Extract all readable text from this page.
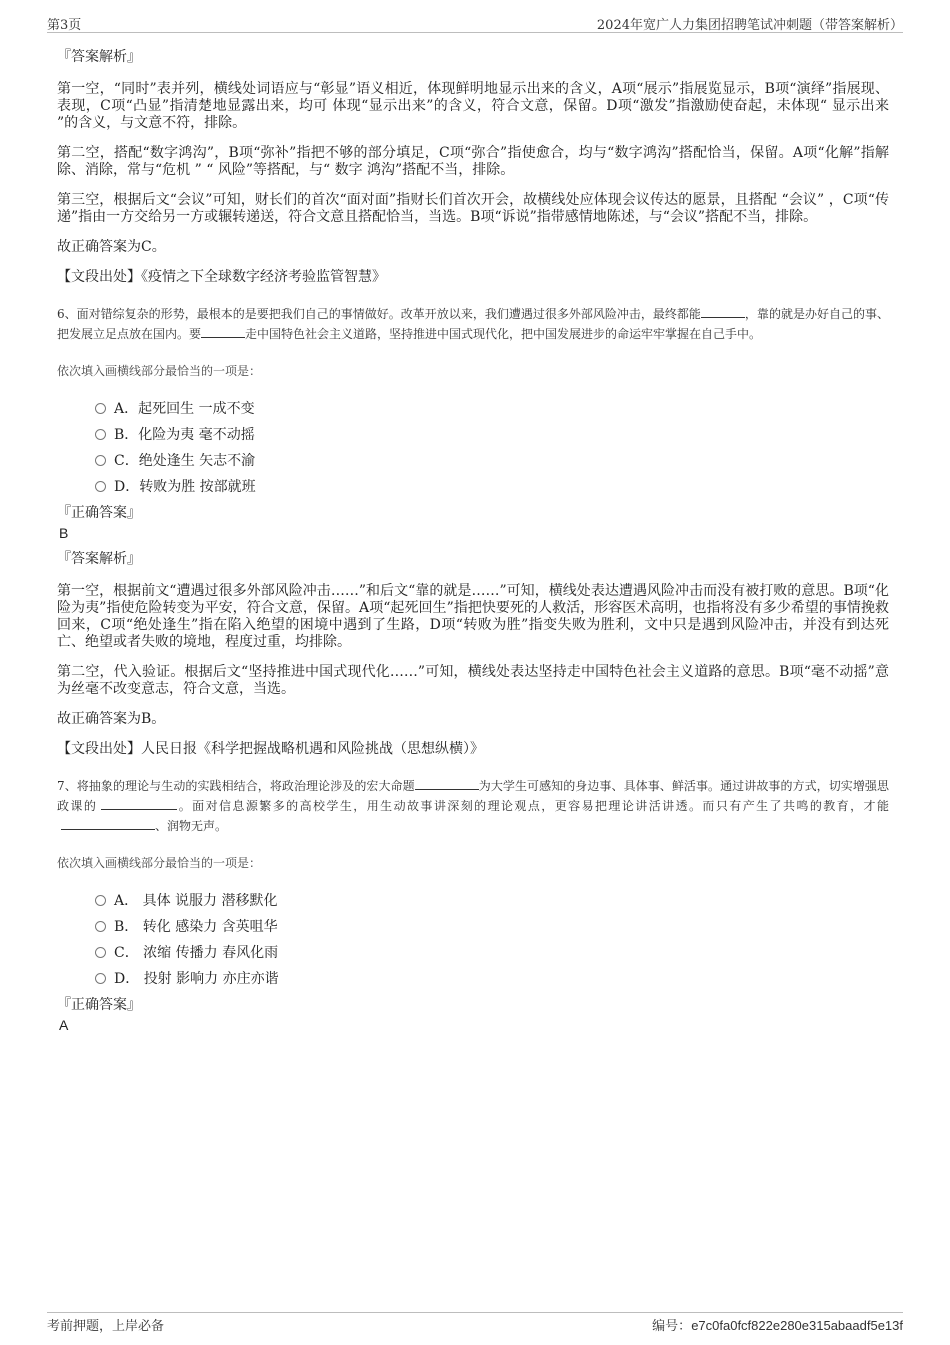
第3页	2024年宽广人力集团招聘笔试冲刺题（带答案解析）

『答案解析』

第一空，“同时”表并列，横线处词语应与“彰显”语义相近，体现鲜明地显示出来的含义，A项“展示”指展览显示，B项“演绎”指展现、表现，C项“凸显”指清楚地显露出来，均可 体现“显示出来”的含义，符合文意，保留。D项“激发”指激励使奋起，未体现“ 显示出来 ”的含义，与文意不符，排除。

第二空，搭配“数字鸿沟”，B项“弥补”指把不够的部分填足，C项“弥合”指使愈合，均与“数字鸿沟”搭配恰当，保留。A项“化解”指解除、消除，常与“危机 ” “ 风险”等搭配，与“ 数字 鸿沟”搭配不当，排除。

第三空，根据后文“会议”可知，财长们的首次“面对面”指财长们首次开会，故横线处应体现会议传达的愿景，且搭配 “会议” ，C项“传递”指由一方交给另一方或辗转递送，符合文意且搭配恰当，当选。B项“诉说”指带感情地陈述，与“会议”搭配不当，排除。

故正确答案为C。

【文段出处】《疫情之下全球数字经济考验监管智慧》

6、面对错综复杂的形势，最根本的是要把我们自己的事情做好。改革开放以来，我们遭遇过很多外部风险冲击，最终都能	，靠的就是办好自己的事、把发展立足点放在国内。要	走中国特色社会主义道路，坚持推进中国式现代化，把中国发展进步的命运牢牢掌握在自己手中。

依次填入画横线部分最恰当的一项是：

A．起死回生 一成不变
B．化险为夷 毫不动摇
C．绝处逢生 矢志不渝
D．转败为胜 按部就班

『正确答案』

B

『答案解析』

第一空，根据前文“遭遇过很多外部风险冲击……”和后文“靠的就是……”可知，横线处表达遭遇风险冲击而没有被打败的意思。B项“化险为夷”指使危险转变为平安，符合文意，保留。A项“起死回生”指把快要死的人救活，形容医术高明，也指将没有多少希望的事情挽救回来，C项“绝处逢生”指在陷入绝望的困境中遇到了生路，D项“转败为胜”指变失败为胜利，文中只是遇到风险冲击，并没有到达死亡、绝望或者失败的境地，程度过重，均排除。

第二空，代入验证。根据后文“坚持推进中国式现代化……”可知，横线处表达坚持走中国特色社会主义道路的意思。B项“毫不动摇”意为丝毫不改变意志，符合文意，当选。

故正确答案为B。

【文段出处】人民日报《科学把握战略机遇和风险挑战（思想纵横）》

7、将抽象的理论与生动的实践相结合，将政治理论涉及的宏大命题	为大学生可感知的身边事、具体事、鲜活事。通过讲故事的方式，切实增强思政课的	。面对信息源繁多的高校学生，用生动故事讲深刻的理论观点，更容易把理论讲活讲透。而只有产生了共鸣的教育，才能、润物无声。

依次填入画横线部分最恰当的一项是：

A． 具体 说服力 潜移默化
B． 转化 感染力 含英咀华
C． 浓缩 传播力 春风化雨
D． 投射 影响力 亦庄亦谐

『正确答案』

A

考前押题，上岸必备	编号：e7c0fa0fcf822e280e315abaadf5e13f
